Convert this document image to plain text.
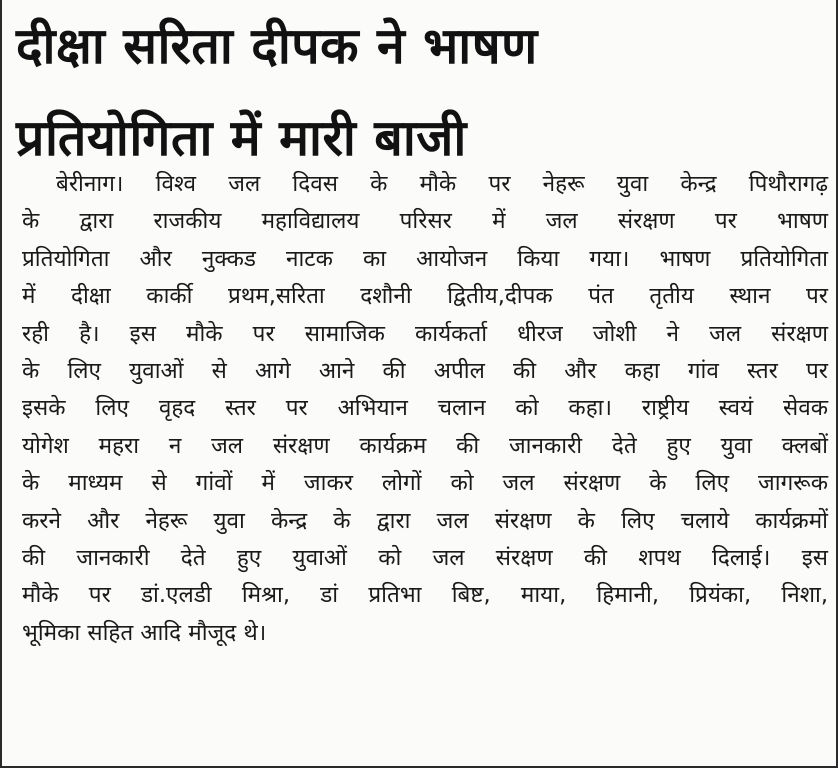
दीक्षा सरिता दीपक ने भाषण
प्रतियोगिता में मारी बाजी
बेरीनाग। विश्व जल दिवस के मौके पर नेहरू युवा केन्द्र पिथौरागढ़
के द्वारा राजकीय महाविद्यालय परिसर में जल संरक्षण पर भाषण
प्रतियोगिता और नुक्कड नाटक का आयोजन किया गया। भाषण प्रतियोगिता
में दीक्षा कार्की प्रथम,सरिता दशौनी द्वितीय,दीपक पंत तृतीय स्थान पर
रही है। इस मौके पर सामाजिक कार्यकर्ता धीरज जोशी ने जल संरक्षण
के लिए युवाओं से आगे आने की अपील की और कहा गांव स्तर पर
इसके लिए वृहद स्तर पर अभियान चलान को कहा। राष्ट्रीय स्वयं सेवक
योगेश महरा न जल संरक्षण कार्यक्रम की जानकारी देते हुए युवा क्लबों
के माध्यम से गांवों में जाकर लोगों को जल संरक्षण के लिए जागरूक
करने और नेहरू युवा केन्द्र के द्वारा जल संरक्षण के लिए चलाये कार्यक्रमों
की जानकारी देते हुए युवाओं को जल संरक्षण की शपथ दिलाई। इस
मौके पर डां.एलडी मिश्रा, डां प्रतिभा बिष्ट, माया, हिमानी, प्रियंका, निशा,
भूमिका सहित आदि मौजूद थे।
